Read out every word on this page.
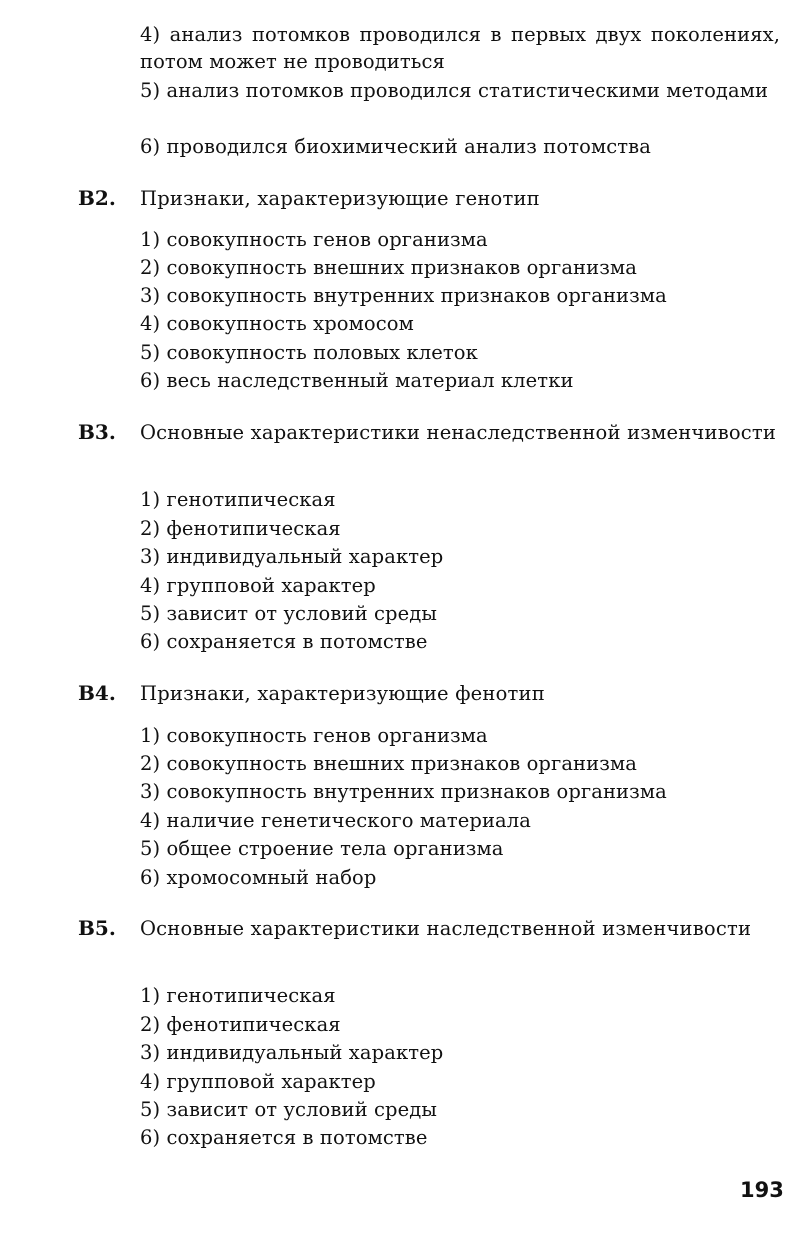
4) анализ потомков проводился в первых двух поколениях, потом может не проводиться
5) анализ потомков проводился статистическими методами
6) проводился биохимический анализ потомства
В2. Признаки, характеризующие генотип
1) совокупность генов организма
2) совокупность внешних признаков организма
3) совокупность внутренних признаков организма
4) совокупность хромосом
5) совокупность половых клеток
6) весь наследственный материал клетки
В3. Основные характеристики ненаследственной изменчивости
1) генотипическая
2) фенотипическая
3) индивидуальный характер
4) групповой характер
5) зависит от условий среды
6) сохраняется в потомстве
В4. Признаки, характеризующие фенотип
1) совокупность генов организма
2) совокупность внешних признаков организма
3) совокупность внутренних признаков организма
4) наличие генетического материала
5) общее строение тела организма
6) хромосомный набор
В5. Основные характеристики наследственной изменчивости
1) генотипическая
2) фенотипическая
3) индивидуальный характер
4) групповой характер
5) зависит от условий среды
6) сохраняется в потомстве
193
